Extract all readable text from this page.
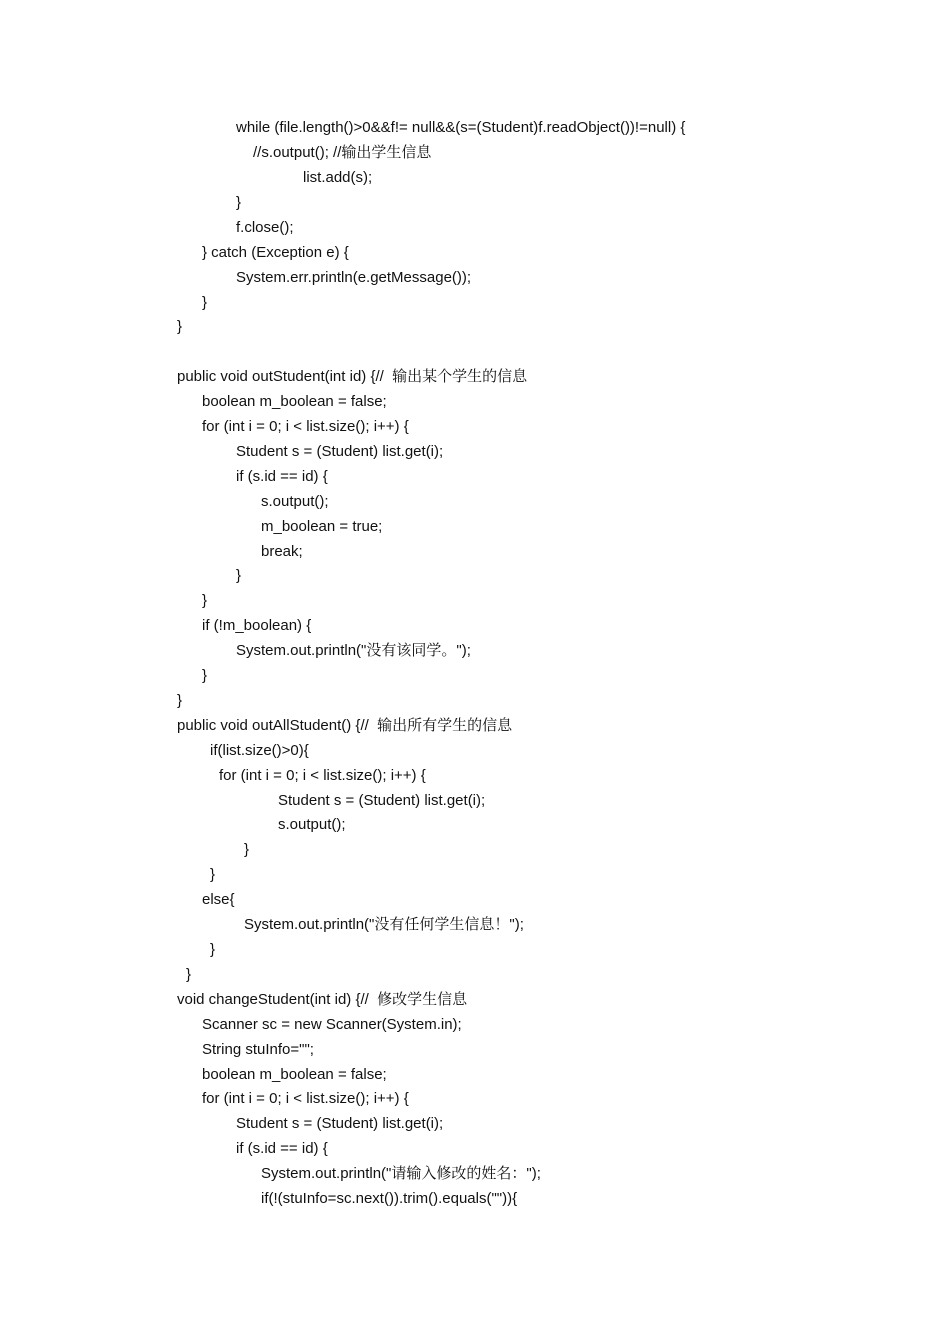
while (file.length()>0&&f!= null&&(s=(Student)f.readObject())!=null) {
//s.output(); //输出学生信息
list.add(s);
}
f.close();
} catch (Exception e) {
System.err.println(e.getMessage());
}
}
public void outStudent(int id) {//  输出某个学生的信息
boolean m_boolean = false;
for (int i = 0; i < list.size(); i++) {
Student s = (Student) list.get(i);
if (s.id == id) {
s.output();
m_boolean = true;
break;
}
}
if (!m_boolean) {
System.out.println("没有该同学。");
}
}
public void outAllStudent() {//  输出所有学生的信息
if(list.size()>0){
for (int i = 0; i < list.size(); i++) {
Student s = (Student) list.get(i);
s.output();
}
}
else{
System.out.println("没有任何学生信息！");
}
}
void changeStudent(int id) {//  修改学生信息
Scanner sc = new Scanner(System.in);
String stuInfo="";
boolean m_boolean = false;
for (int i = 0; i < list.size(); i++) {
Student s = (Student) list.get(i);
if (s.id == id) {
System.out.println("请输入修改的姓名：");
if(!(stuInfo=sc.next()).trim().equals("")){
